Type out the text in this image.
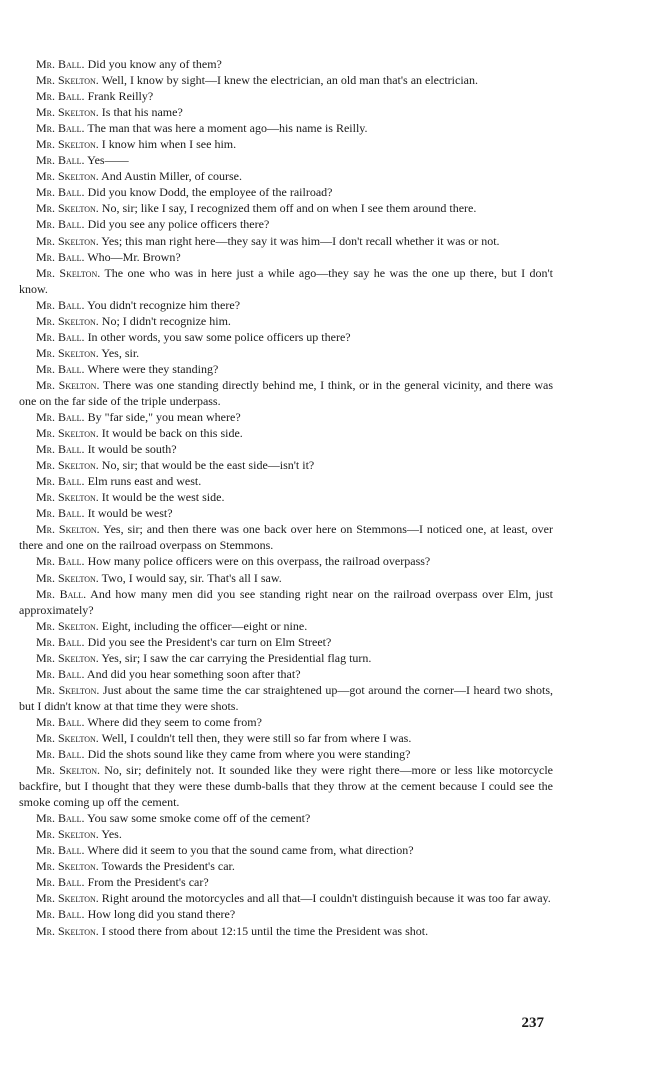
Mr. Ball. Did you know any of them?

Mr. Skelton. Well, I know by sight—I knew the electrician, an old man that's an electrician.

Mr. Ball. Frank Reilly?

Mr. Skelton. Is that his name?

Mr. Ball. The man that was here a moment ago—his name is Reilly.

Mr. Skelton. I know him when I see him.

Mr. Ball. Yes——

Mr. Skelton. And Austin Miller, of course.

Mr. Ball. Did you know Dodd, the employee of the railroad?

Mr. Skelton. No, sir; like I say, I recognized them off and on when I see them around there.

Mr. Ball. Did you see any police officers there?

Mr. Skelton. Yes; this man right here—they say it was him—I don't recall whether it was or not.

Mr. Ball. Who—Mr. Brown?

Mr. Skelton. The one who was in here just a while ago—they say he was the one up there, but I don't know.

Mr. Ball. You didn't recognize him there?

Mr. Skelton. No; I didn't recognize him.

Mr. Ball. In other words, you saw some police officers up there?

Mr. Skelton. Yes, sir.

Mr. Ball. Where were they standing?

Mr. Skelton. There was one standing directly behind me, I think, or in the general vicinity, and there was one on the far side of the triple underpass.

Mr. Ball. By "far side," you mean where?

Mr. Skelton. It would be back on this side.

Mr. Ball. It would be south?

Mr. Skelton. No, sir; that would be the east side—isn't it?

Mr. Ball. Elm runs east and west.

Mr. Skelton. It would be the west side.

Mr. Ball. It would be west?

Mr. Skelton. Yes, sir; and then there was one back over here on Stemmons—I noticed one, at least, over there and one on the railroad overpass on Stemmons.

Mr. Ball. How many police officers were on this overpass, the railroad overpass?

Mr. Skelton. Two, I would say, sir. That's all I saw.

Mr. Ball. And how many men did you see standing right near on the railroad overpass over Elm, just approximately?

Mr. Skelton. Eight, including the officer—eight or nine.

Mr. Ball. Did you see the President's car turn on Elm Street?

Mr. Skelton. Yes, sir; I saw the car carrying the Presidential flag turn.

Mr. Ball. And did you hear something soon after that?

Mr. Skelton. Just about the same time the car straightened up—got around the corner—I heard two shots, but I didn't know at that time they were shots.

Mr. Ball. Where did they seem to come from?

Mr. Skelton. Well, I couldn't tell then, they were still so far from where I was.

Mr. Ball. Did the shots sound like they came from where you were standing?

Mr. Skelton. No, sir; definitely not. It sounded like they were right there—more or less like motorcycle backfire, but I thought that they were these dumb-balls that they throw at the cement because I could see the smoke coming up off the cement.

Mr. Ball. You saw some smoke come off of the cement?

Mr. Skelton. Yes.

Mr. Ball. Where did it seem to you that the sound came from, what direction?

Mr. Skelton. Towards the President's car.

Mr. Ball. From the President's car?

Mr. Skelton. Right around the motorcycles and all that—I couldn't distinguish because it was too far away.

Mr. Ball. How long did you stand there?

Mr. Skelton. I stood there from about 12:15 until the time the President was shot.

237
